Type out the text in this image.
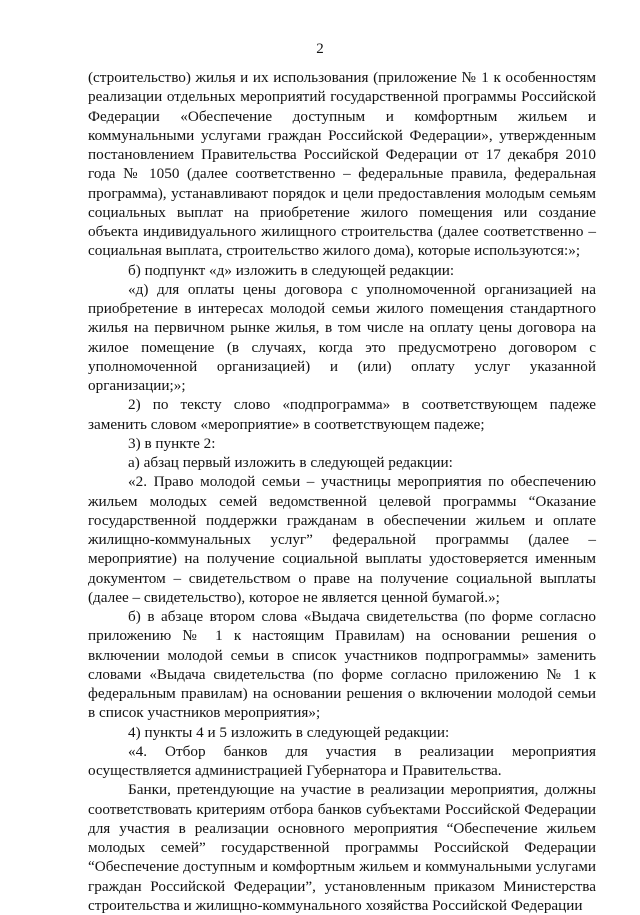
2

(строительство) жилья и их использования (приложение № 1 к особенностям реализации отдельных мероприятий государственной программы Российской Федерации «Обеспечение доступным и комфортным жильем и коммунальными услугами граждан Российской Федерации», утвержденным постановлением Правительства Российской Федерации от 17 декабря 2010 года № 1050 (далее соответственно – федеральные правила, федеральная программа), устанавливают порядок и цели предоставления молодым семьям социальных выплат на приобретение жилого помещения или создание объекта индивидуального жилищного строительства (далее соответственно – социальная выплата, строительство жилого дома), которые используются:»;

б) подпункт «д» изложить в следующей редакции:

«д) для оплаты цены договора с уполномоченной организацией на приобретение в интересах молодой семьи жилого помещения стандартного жилья на первичном рынке жилья, в том числе на оплату цены договора на жилое помещение (в случаях, когда это предусмотрено договором с уполномоченной организацией) и (или) оплату услуг указанной организации;»;

2) по тексту слово «подпрограмма» в соответствующем падеже заменить словом «мероприятие» в соответствующем падеже;

3) в пункте 2:

а) абзац первый изложить в следующей редакции:

«2. Право молодой семьи – участницы мероприятия по обеспечению жильем молодых семей ведомственной целевой программы “Оказание государственной поддержки гражданам в обеспечении жильем и оплате жилищно-коммунальных услуг” федеральной программы (далее – мероприятие) на получение социальной выплаты удостоверяется именным документом – свидетельством о праве на получение социальной выплаты (далее – свидетельство), которое не является ценной бумагой.»;

б) в абзаце втором слова «Выдача свидетельства (по форме согласно приложению № 1 к настоящим Правилам) на основании решения о включении молодой семьи в список участников подпрограммы» заменить словами «Выдача свидетельства (по форме согласно приложению № 1 к федеральным правилам) на основании решения о включении молодой семьи в список участников мероприятия»;

4) пункты 4 и 5 изложить в следующей редакции:

«4. Отбор банков для участия в реализации мероприятия осуществляется администрацией Губернатора и Правительства.

Банки, претендующие на участие в реализации мероприятия, должны соответствовать критериям отбора банков субъектами Российской Федерации для участия в реализации основного мероприятия “Обеспечение жильем молодых семей” государственной программы Российской Федерации “Обеспечение доступным и комфортным жильем и коммунальными услугами граждан Российской Федерации”, установленным приказом Министерства строительства и жилищно-коммунального хозяйства Российской Федерации
